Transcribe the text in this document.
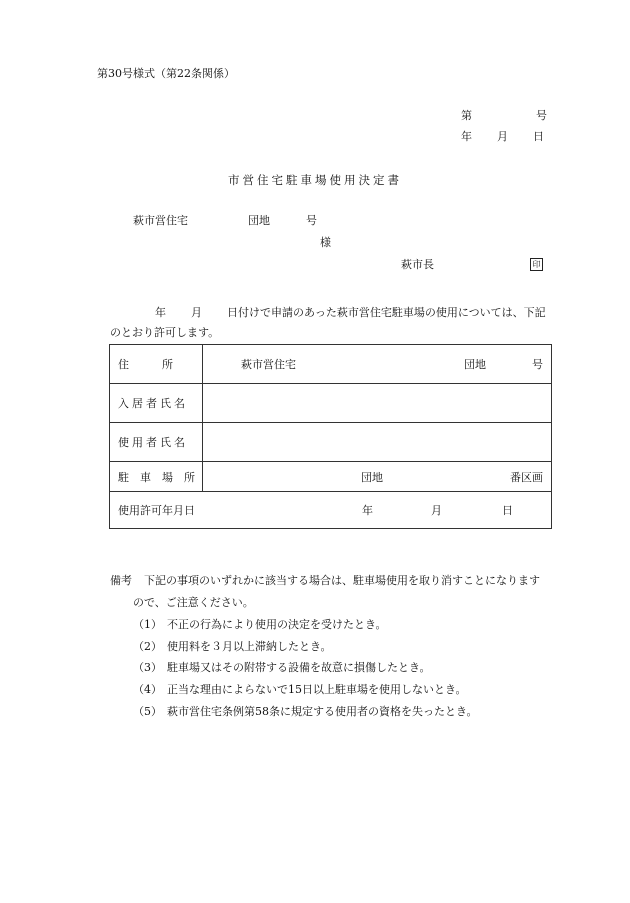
第30号様式（第22条関係）
第	号
年 月 日
市営住宅駐車場使用決定書
萩市営住宅	団地	号
様
萩市長	印
年 月 日付けで申請のあった萩市営住宅駐車場の使用については、下記
のとおり許可します。
住　　　所	萩市営住宅 団地 号

入居者氏名	
使用者氏名	
駐　車　場　所	団地 番区画

使用許可年月日 年 月 日	
備考 下記の事項のいずれかに該当する場合は、駐車場使用を取り消すことになります
ので、ご注意ください。
（1） 不正の行為により使用の決定を受けたとき。
（2） 使用料を３月以上滞納したとき。
（3） 駐車場又はその附帯する設備を故意に損傷したとき。
（4） 正当な理由によらないで15日以上駐車場を使用しないとき。
（5） 萩市営住宅条例第58条に規定する使用者の資格を失ったとき。
